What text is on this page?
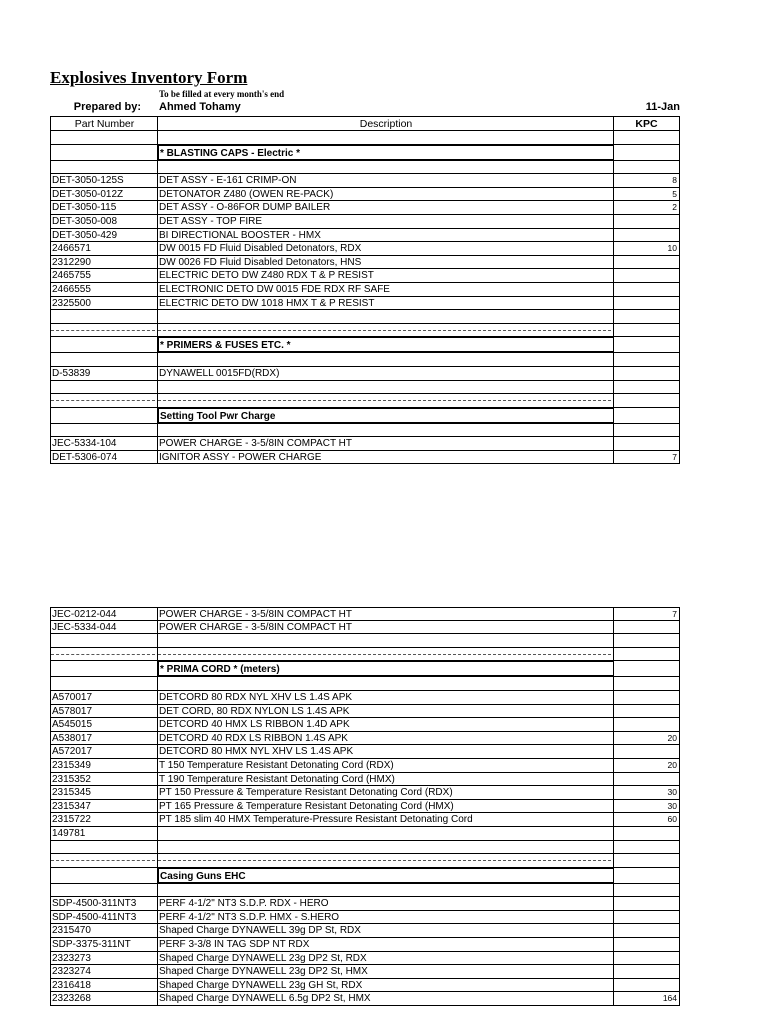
Explosives Inventory Form
To be filled at every month's end
Prepared by: Ahmed Tohamy	11-Jan
Part Number	Description	KPC
* BLASTING CAPS - Electric *
DET-3050-125S	DET ASSY - E-161 CRIMP-ON	8
DET-3050-012Z	DETONATOR Z480 (OWEN RE-PACK)	5
DET-3050-115	DET ASSY - O-86FOR DUMP BAILER	2
DET-3050-008	DET ASSY - TOP FIRE
DET-3050-429	BI DIRECTIONAL BOOSTER - HMX
2466571	DW 0015 FD Fluid Disabled Detonators, RDX	10
2312290	DW 0026 FD Fluid Disabled Detonators, HNS
2465755	ELECTRIC DETO DW Z480 RDX T & P RESIST
2466555	ELECTRONIC DETO DW 0015 FDE RDX RF SAFE
2325500	ELECTRIC DETO DW 1018 HMX T & P RESIST
* PRIMERS & FUSES ETC. *
D-53839	DYNAWELL 0015FD(RDX)
Setting Tool Pwr Charge
JEC-5334-104	POWER CHARGE - 3-5/8IN COMPACT HT
DET-5306-074	IGNITOR ASSY - POWER CHARGE	7
JEC-0212-044	POWER CHARGE - 3-5/8IN COMPACT HT	7
JEC-5334-044	POWER CHARGE - 3-5/8IN COMPACT HT
* PRIMA CORD * (meters)
A570017	DETCORD 80 RDX NYL XHV LS 1.4S APK
A578017	DET CORD, 80 RDX NYLON LS 1.4S APK
A545015	DETCORD 40 HMX LS RIBBON 1.4D APK
A538017	DETCORD 40 RDX LS RIBBON 1.4S APK	20
A572017	DETCORD 80 HMX NYL XHV LS 1.4S APK
2315349	T 150 Temperature Resistant Detonating Cord (RDX)	20
2315352	T 190 Temperature Resistant Detonating Cord (HMX)
2315345	PT 150 Pressure & Temperature Resistant Detonating Cord (RDX)	30
2315347	PT 165 Pressure & Temperature Resistant Detonating Cord (HMX)	30
2315722	PT 185 slim 40 HMX Temperature-Pressure Resistant Detonating Cord	60
149781
Casing Guns EHC
SDP-4500-311NT3	PERF 4-1/2" NT3 S.D.P. RDX - HERO
SDP-4500-411NT3	PERF 4-1/2" NT3 S.D.P. HMX - S.HERO
2315470	Shaped Charge DYNAWELL 39g DP St, RDX
SDP-3375-311NT	PERF 3-3/8 IN TAG SDP NT RDX
2323273	Shaped Charge DYNAWELL 23g DP2 St, RDX
2323274	Shaped Charge DYNAWELL 23g DP2 St, HMX
2316418	Shaped Charge DYNAWELL 23g GH St, RDX
2323268	Shaped Charge DYNAWELL 6.5g DP2 St, HMX	164
